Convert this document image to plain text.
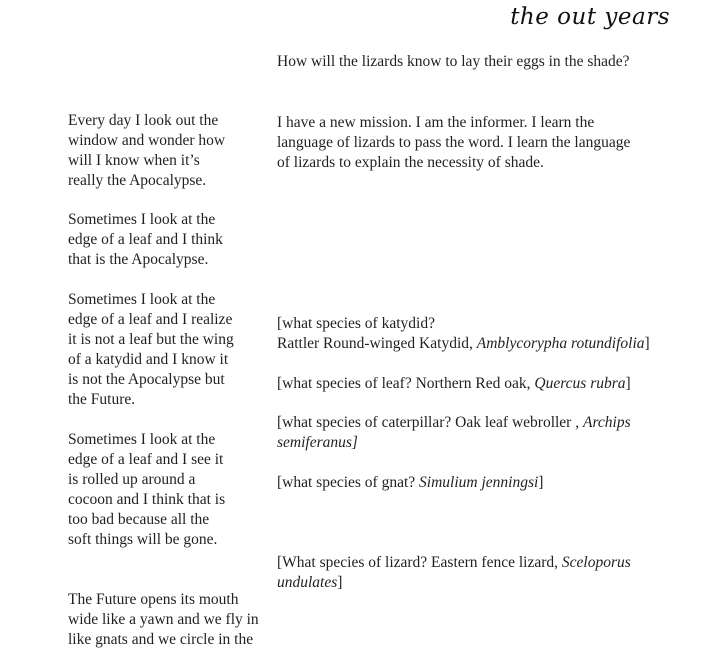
the out years

How will the lizards know to lay their eggs in the shade?

I have a new mission. I am the informer. I learn the
language of lizards to pass the word. I learn the language
of lizards to explain the necessity of shade.

[what species of katydid?
Rattler Round-winged Katydid, Amblycorypha rotundifolia]

[what species of leaf? Northern Red oak, Quercus rubra]

[what species of caterpillar? Oak leaf webroller , Archips
semiferanus]

[what species of gnat? Simulium jenningsi]

[What species of lizard? Eastern fence lizard, Sceloporus
undulates]

Every day I look out the
window and wonder how
will I know when it’s
really the Apocalypse.

Sometimes I look at the
edge of a leaf and I think
that is the Apocalypse.

Sometimes I look at the
edge of a leaf and I realize
it is not a leaf but the wing
of a katydid and I know it
is not the Apocalypse but
the Future.

Sometimes I look at the
edge of a leaf and I see it
is rolled up around a
cocoon and I think that is
too bad because all the
soft things will be gone.

The Future opens its mouth
wide like a yawn and we fly in
like gnats and we circle in the
